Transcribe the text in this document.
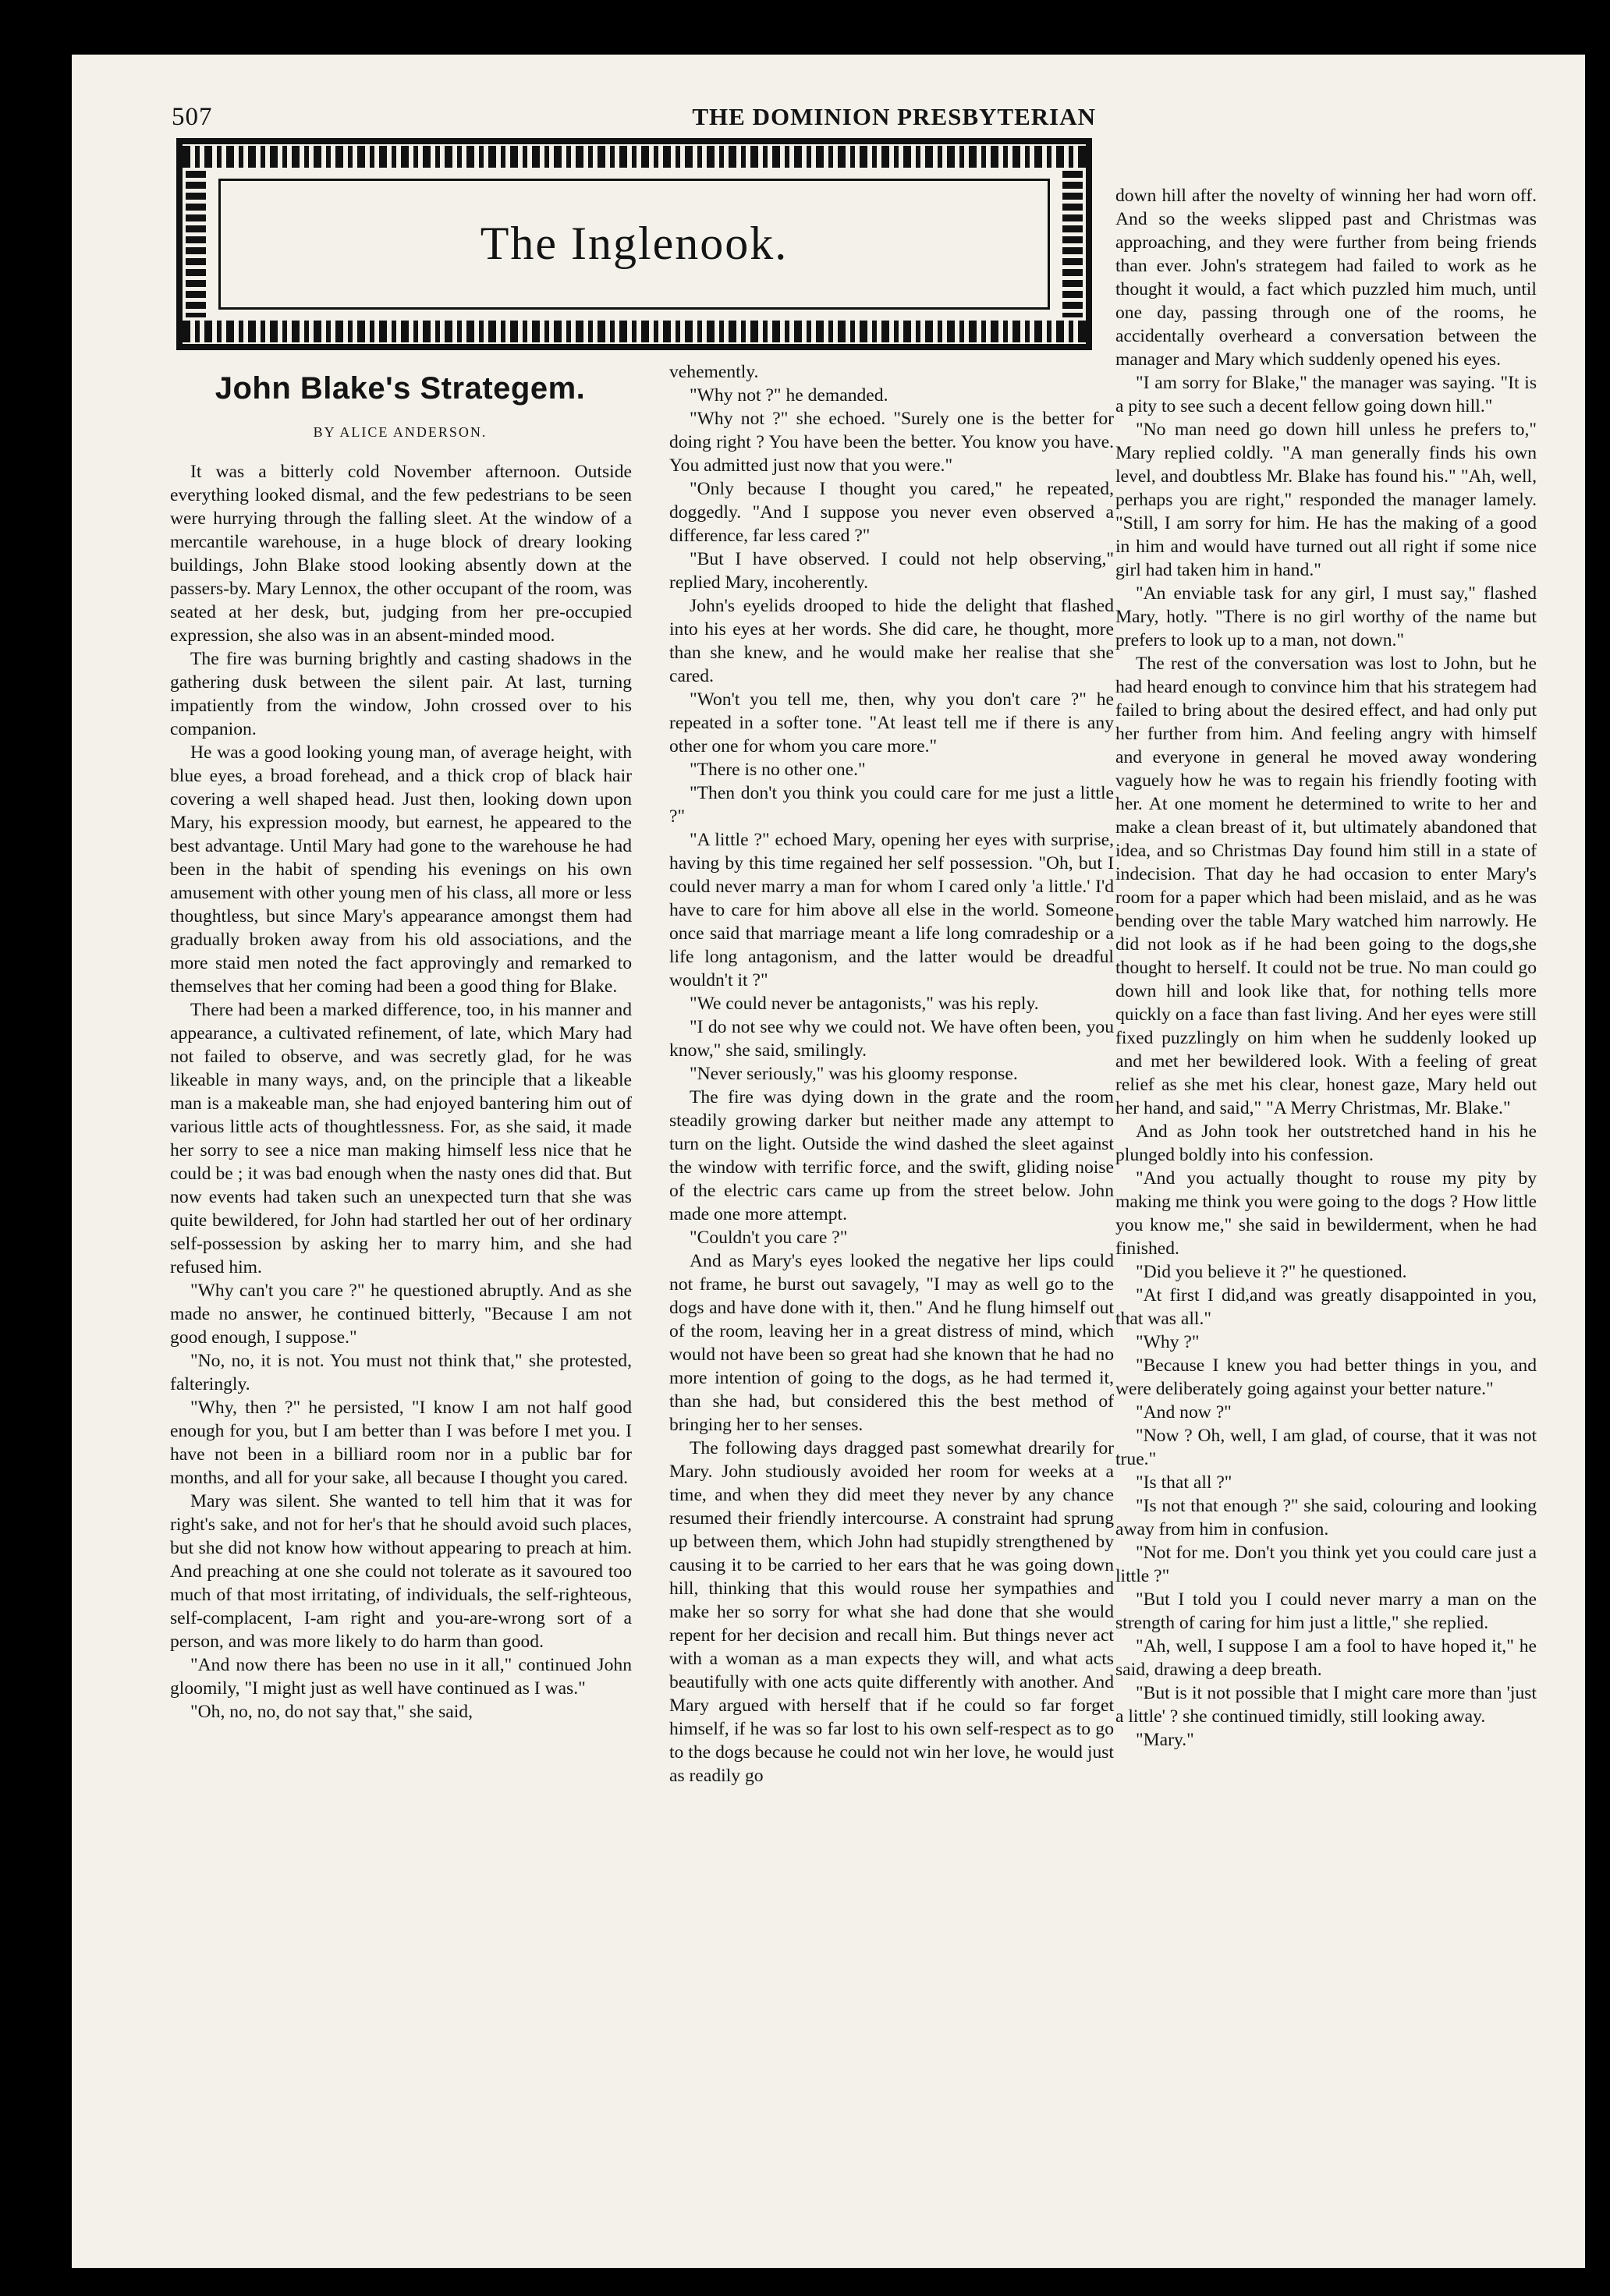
507	THE DOMINION PRESBYTERIAN
The Inglenook.
John Blake's Strategem.
BY ALICE ANDERSON.

It was a bitterly cold November afternoon. Outside everything looked dismal, and the few pedestrians to be seen were hurrying through the falling sleet. At the window of a mercantile warehouse, in a huge block of dreary looking buildings, John Blake stood looking absently down at the passers-by. Mary Lennox, the other occupant of the room, was seated at her desk, but, judging from her pre-occupied expression, she also was in an absent-minded mood.

The fire was burning brightly and casting shadows in the gathering dusk between the silent pair. At last, turning impatiently from the window, John crossed over to his companion.

He was a good looking young man, of average height, with blue eyes, a broad forehead, and a thick crop of black hair covering a well shaped head. Just then, looking down upon Mary, his expression moody, but earnest, he appeared to the best advantage. Until Mary had gone to the warehouse he had been in the habit of spending his evenings on his own amusement with other young men of his class, all more or less thoughtless, but since Mary's appearance amongst them had gradually broken away from his old associations, and the more staid men noted the fact approvingly and remarked to themselves that her coming had been a good thing for Blake.

There had been a marked difference, too, in his manner and appearance, a cultivated refinement, of late, which Mary had not failed to observe, and was secretly glad, for he was likeable in many ways, and, on the principle that a likeable man is a makeable man, she had enjoyed bantering him out of various little acts of thoughtlessness. For, as she said, it made her sorry to see a nice man making himself less nice that he could be ; it was bad enough when the nasty ones did that. But now events had taken such an unexpected turn that she was quite bewildered, for John had startled her out of her ordinary self-possession by asking her to marry him, and she had refused him.

"Why can't you care ?" he questioned abruptly. And as she made no answer, he continued bitterly, "Because I am not good enough, I suppose."

"No, no, it is not. You must not think that," she protested, falteringly.

"Why, then ?" he persisted, "I know I am not half good enough for you, but I am better than I was before I met you. I have not been in a billiard room nor in a public bar for months, and all for your sake, all because I thought you cared.

Mary was silent. She wanted to tell him that it was for right's sake, and not for her's that he should avoid such places, but she did not know how without appearing to preach at him. And preaching at one she could not tolerate as it savoured too much of that most irritating, of individuals, the self-righteous, self-complacent, I-am right and you-are-wrong sort of a person, and was more likely to do harm than good.

"And now there has been no use in it all," continued John gloomily, "I might just as well have continued as I was."

"Oh, no, no, do not say that," she said,

vehemently.

"Why not ?" he demanded.

"Why not ?" she echoed. "Surely one is the better for doing right ? You have been the better. You know you have. You admitted just now that you were."

"Only because I thought you cared," he repeated, doggedly. "And I suppose you never even observed a difference, far less cared ?"

"But I have observed. I could not help observing," replied Mary, incoherently.

John's eyelids drooped to hide the delight that flashed into his eyes at her words. She did care, he thought, more than she knew, and he would make her realise that she cared.

"Won't you tell me, then, why you don't care ?" he repeated in a softer tone. "At least tell me if there is any other one for whom you care more."

"There is no other one."

"Then don't you think you could care for me just a little ?"

"A little ?" echoed Mary, opening her eyes with surprise, having by this time regained her self possession. "Oh, but I could never marry a man for whom I cared only 'a little.' I'd have to care for him above all else in the world. Someone once said that marriage meant a life long comradeship or a life long antagonism, and the latter would be dreadful wouldn't it ?"

"We could never be antagonists," was his reply.

"I do not see why we could not. We have often been, you know," she said, smilingly.

"Never seriously," was his gloomy response.

The fire was dying down in the grate and the room steadily growing darker but neither made any attempt to turn on the light. Outside the wind dashed the sleet against the window with terrific force, and the swift, gliding noise of the electric cars came up from the street below. John made one more attempt.

"Couldn't you care ?"

And as Mary's eyes looked the negative her lips could not frame, he burst out savagely, "I may as well go to the dogs and have done with it, then." And he flung himself out of the room, leaving her in a great distress of mind, which would not have been so great had she known that he had no more intention of going to the dogs, as he had termed it, than she had, but considered this the best method of bringing her to her senses.

The following days dragged past somewhat drearily for Mary. John studiously avoided her room for weeks at a time, and when they did meet they never by any chance resumed their friendly intercourse. A constraint had sprung up between them, which John had stupidly strengthened by causing it to be carried to her ears that he was going down hill, thinking that this would rouse her sympathies and make her so sorry for what she had done that she would repent for her decision and recall him. But things never act with a woman as a man expects they will, and what acts beautifully with one acts quite differently with another. And Mary argued with herself that if he could so far forget himself, if he was so far lost to his own self-respect as to go to the dogs because he could not win her love, he would just as readily go

down hill after the novelty of winning her had worn off. And so the weeks slipped past and Christmas was approaching, and they were further from being friends than ever. John's strategem had failed to work as he thought it would, a fact which puzzled him much, until one day, passing through one of the rooms, he accidentally overheard a conversation between the manager and Mary which suddenly opened his eyes.

"I am sorry for Blake," the manager was saying. "It is a pity to see such a decent fellow going down hill."

"No man need go down hill unless he prefers to," Mary replied coldly. "A man generally finds his own level, and doubtless Mr. Blake has found his." "Ah, well, perhaps you are right," responded the manager lamely. "Still, I am sorry for him. He has the making of a good in him and would have turned out all right if some nice girl had taken him in hand."

"An enviable task for any girl, I must say," flashed Mary, hotly. "There is no girl worthy of the name but prefers to look up to a man, not down."

The rest of the conversation was lost to John, but he had heard enough to convince him that his strategem had failed to bring about the desired effect, and had only put her further from him. And feeling angry with himself and everyone in general he moved away wondering vaguely how he was to regain his friendly footing with her. At one moment he determined to write to her and make a clean breast of it, but ultimately abandoned that idea, and so Christmas Day found him still in a state of indecision. That day he had occasion to enter Mary's room for a paper which had been mislaid, and as he was bending over the table Mary watched him narrowly. He did not look as if he had been going to the dogs,she thought to herself. It could not be true. No man could go down hill and look like that, for nothing tells more quickly on a face than fast living. And her eyes were still fixed puzzlingly on him when he suddenly looked up and met her bewildered look. With a feeling of great relief as she met his clear, honest gaze, Mary held out her hand, and said," "A Merry Christmas, Mr. Blake."

And as John took her outstretched hand in his he plunged boldly into his confession.

"And you actually thought to rouse my pity by making me think you were going to the dogs ? How little you know me," she said in bewilderment, when he had finished.

"Did you believe it ?" he questioned.

"At first I did,and was greatly disappointed in you, that was all."

"Why ?"

"Because I knew you had better things in you, and were deliberately going against your better nature."

"And now ?"

"Now ? Oh, well, I am glad, of course, that it was not true."

"Is that all ?"

"Is not that enough ?" she said, colouring and looking away from him in confusion.

"Not for me. Don't you think yet you could care just a little ?"

"But I told you I could never marry a man on the strength of caring for him just a little," she replied.

"Ah, well, I suppose I am a fool to have hoped it," he said, drawing a deep breath.

"But is it not possible that I might care more than 'just a little' ? she continued timidly, still looking away.

"Mary."
